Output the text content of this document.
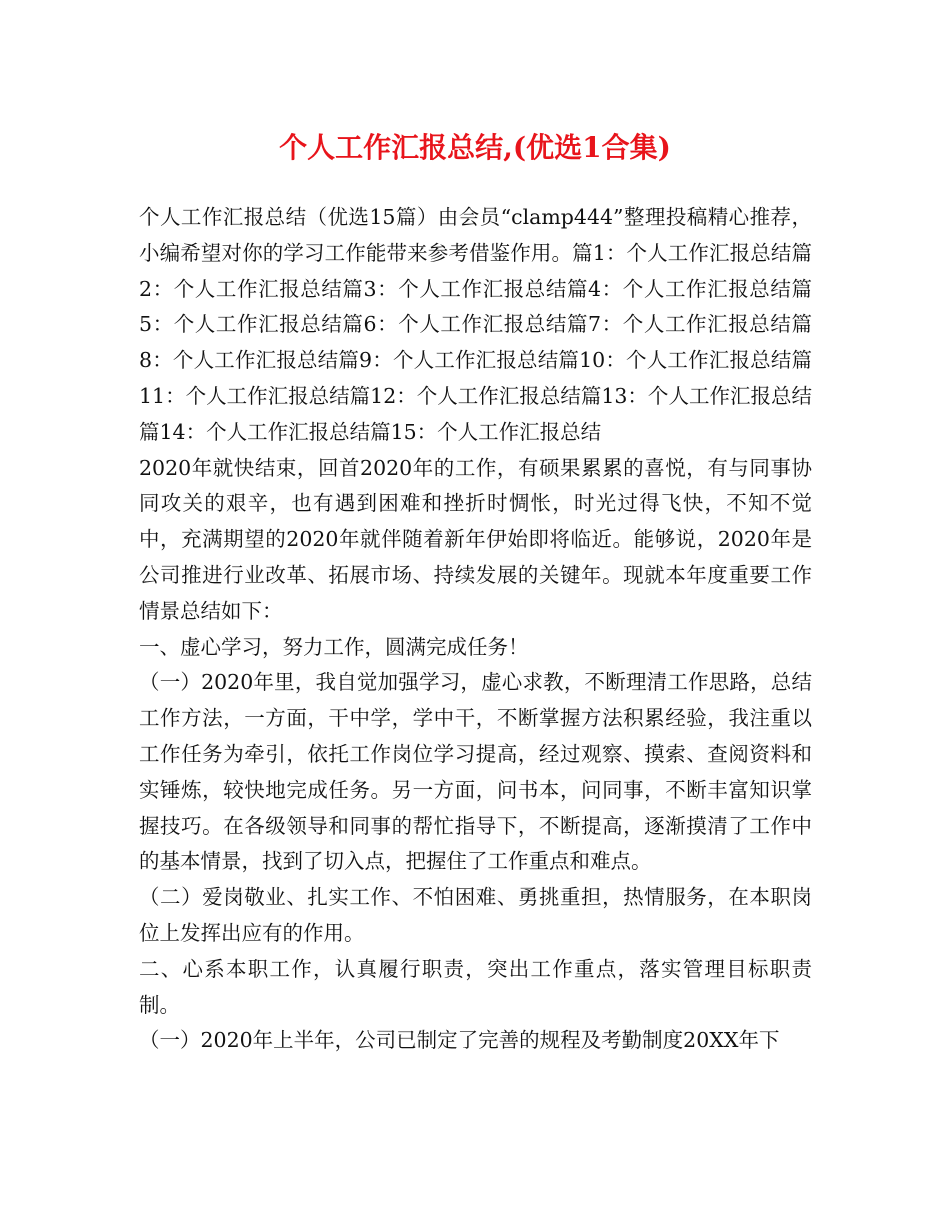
个人工作汇报总结,(优选1合集)

个人工作汇报总结（优选15篇）由会员“clamp444”整理投稿精心推荐，小编希望对你的学习工作能带来参考借鉴作用。篇1：个人工作汇报总结篇2：个人工作汇报总结篇3：个人工作汇报总结篇4：个人工作汇报总结篇5：个人工作汇报总结篇6：个人工作汇报总结篇7：个人工作汇报总结篇8：个人工作汇报总结篇9：个人工作汇报总结篇10：个人工作汇报总结篇11：个人工作汇报总结篇12：个人工作汇报总结篇13：个人工作汇报总结篇14：个人工作汇报总结篇15：个人工作汇报总结

2020年就快结束，回首2020年的工作，有硕果累累的喜悦，有与同事协同攻关的艰辛，也有遇到困难和挫折时惆怅，时光过得飞快，不知不觉中，充满期望的2020年就伴随着新年伊始即将临近。能够说，2020年是公司推进行业改革、拓展市场、持续发展的关键年。现就本年度重要工作情景总结如下：

一、虚心学习，努力工作，圆满完成任务！

（一）2020年里，我自觉加强学习，虚心求教，不断理清工作思路，总结工作方法，一方面，干中学，学中干，不断掌握方法积累经验，我注重以工作任务为牵引，依托工作岗位学习提高，经过观察、摸索、查阅资料和实锤炼，较快地完成任务。另一方面，问书本，问同事，不断丰富知识掌握技巧。在各级领导和同事的帮忙指导下，不断提高，逐渐摸清了工作中的基本情景，找到了切入点，把握住了工作重点和难点。

（二）爱岗敬业、扎实工作、不怕困难、勇挑重担，热情服务，在本职岗位上发挥出应有的作用。

二、心系本职工作，认真履行职责，突出工作重点，落实管理目标职责制。

（一）2020年上半年，公司已制定了完善的规程及考勤制度20XX年下
